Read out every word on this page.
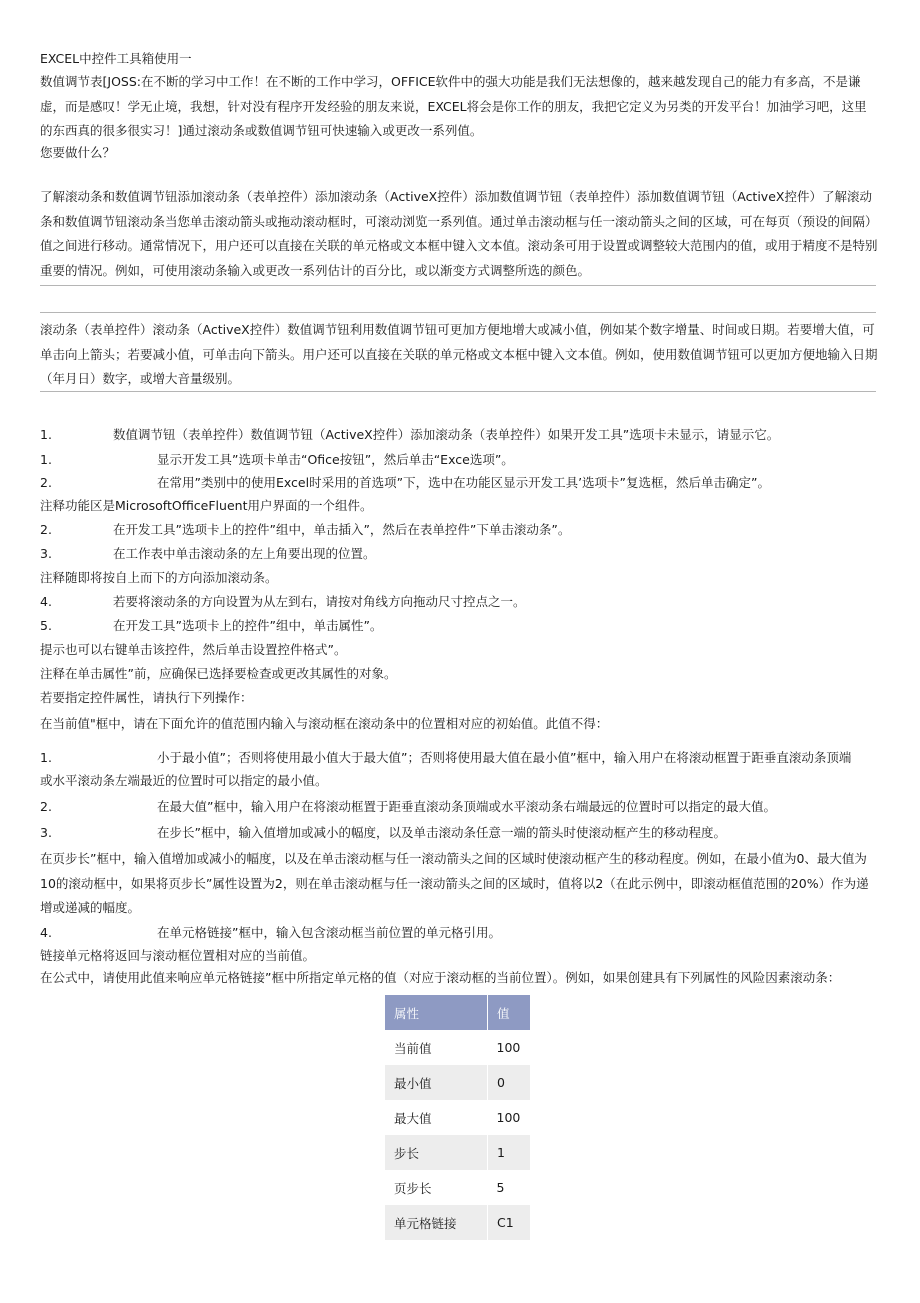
EXCEL中控件工具箱使用一
数值调节表[JOSS:在不断的学习中工作！在不断的工作中学习，OFFICE软件中的强大功能是我们无法想像的，越来越发现自己的能力有多高，不是谦虚，而是感叹！学无止境，我想，针对没有程序开发经验的朋友来说，EXCEL将会是你工作的朋友，我把它定义为另类的开发平台！加油学习吧，这里的东西真的很多很实习！]通过滚动条或数值调节钮可快速输入或更改一系列值。
您要做什么？
了解滚动条和数值调节钮添加滚动条（表单控件）添加滚动条（ActiveX控件）添加数值调节钮（表单控件）添加数值调节钮（ActiveX控件）了解滚动条和数值调节钮滚动条当您单击滚动箭头或拖动滚动框时，可滚动浏览一系列值。通过单击滚动框与任一滚动箭头之间的区域，可在每页（预设的间隔）值之间进行移动。通常情况下，用户还可以直接在关联的单元格或文本框中键入文本值。滚动条可用于设置或调整较大范围内的值，或用于精度不是特别重要的情况。例如，可使用滚动条输入或更改一系列估计的百分比，或以渐变方式调整所选的颜色。
滚动条（表单控件）滚动条（ActiveX控件）数值调节钮利用数值调节钮可更加方便地增大或减小值，例如某个数字增量、时间或日期。若要增大值，可单击向上箭头；若要减小值，可单击向下箭头。用户还可以直接在关联的单元格或文本框中键入文本值。例如，使用数值调节钮可以更加方便地输入日期（年月日）数字，或增大音量级别。
1.	数值调节钮（表单控件）数值调节钮（ActiveX控件）添加滚动条（表单控件）如果开发工具”选项卡未显示，请显示它。
1.	显示开发工具”选项卡单击“Ofice按钮”，然后单击“Exce选项”。
2.	在常用”类别中的使用Excel时采用的首选项”下，选中在功能区显示开发工具’选项卡”复选框，然后单击确定”。
注释功能区是MicrosoftOfficeFluent用户界面的一个组件。
2.	在开发工具”选项卡上的控件”组中，单击插入”，然后在表单控件”下单击滚动条”。
3.	在工作表中单击滚动条的左上角要出现的位置。
注释随即将按自上而下的方向添加滚动条。
4.	若要将滚动条的方向设置为从左到右，请按对角线方向拖动尺寸控点之一。
5.	在开发工具”选项卡上的控件”组中，单击属性”。
提示也可以右键单击该控件，然后单击设置控件格式”。
注释在单击属性”前，应确保已选择要检查或更改其属性的对象。
若要指定控件属性，请执行下列操作：
在当前值"框中，请在下面允许的值范围内输入与滚动框在滚动条中的位置相对应的初始值。此值不得：
1.	小于最小值”；否则将使用最小值大于最大值”；否则将使用最大值在最小值”框中，输入用户在将滚动框置于距垂直滚动条顶端
或水平滚动条左端最近的位置时可以指定的最小值。
2.	在最大值”框中，输入用户在将滚动框置于距垂直滚动条顶端或水平滚动条右端最远的位置时可以指定的最大值。
3.	在步长”框中，输入值增加或减小的幅度，以及单击滚动条任意一端的箭头时使滚动框产生的移动程度。
在页步长”框中，输入值增加或减小的幅度，以及在单击滚动框与任一滚动箭头之间的区域时使滚动框产生的移动程度。例如，在最小值为0、最大值为10的滚动框中，如果将页步长”属性设置为2，则在单击滚动框与任一滚动箭头之间的区域时，值将以2（在此示例中，即滚动框值范围的20%）作为递增或递减的幅度。
4.	在单元格链接”框中，输入包含滚动框当前位置的单元格引用。
链接单元格将返回与滚动框位置相对应的当前值。
在公式中，请使用此值来响应单元格链接”框中所指定单元格的值（对应于滚动框的当前位置）。例如，如果创建具有下列属性的风险因素滚动条：
属性	值
当前值	100
最小值	0
最大值	100
步长	1
页步长	5
单元格链接	C1
